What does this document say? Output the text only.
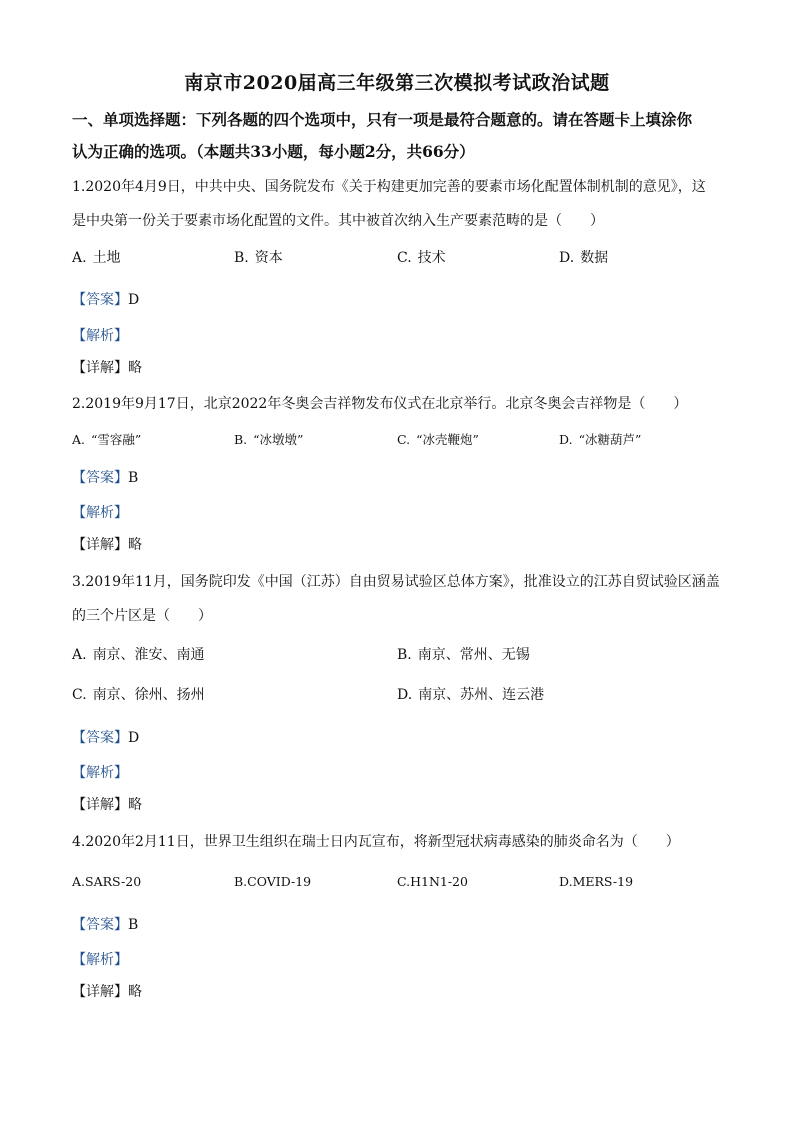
南京市2020届高三年级第三次模拟考试政治试题
一、单项选择题：下列各题的四个选项中，只有一项是最符合题意的。请在答题卡上填涂你
认为正确的选项。（本题共33小题，每小题2分，共66分）
1.2020年4月9日，中共中央、国务院发布《关于构建更加完善的要素市场化配置体制机制的意见》，这
是中央第一份关于要素市场化配置的文件。其中被首次纳入生产要素范畴的是（　　）
A. 土地	B. 资本	C. 技术	D. 数据
【答案】D
【解析】
【详解】略
2.2019年9月17日，北京2022年冬奥会吉祥物发布仪式在北京举行。北京冬奥会吉祥物是（　　）
A. “雪容融”	B. “冰墩墩”	C. “冰壳鞭炮”	D. “冰糖葫芦”
【答案】B
【解析】
【详解】略
3.2019年11月，国务院印发《中国（江苏）自由贸易试验区总体方案》，批准设立的江苏自贸试验区涵盖
的三个片区是（　　）
A. 南京、淮安、南通	B. 南京、常州、无锡
C. 南京、徐州、扬州	D. 南京、苏州、连云港
【答案】D
【解析】
【详解】略
4.2020年2月11日，世界卫生组织在瑞士日内瓦宣布，将新型冠状病毒感染的肺炎命名为（　　）
A.SARS-20	B.COVID-19	C.H1N1-20	D.MERS-19
【答案】B
【解析】
【详解】略
